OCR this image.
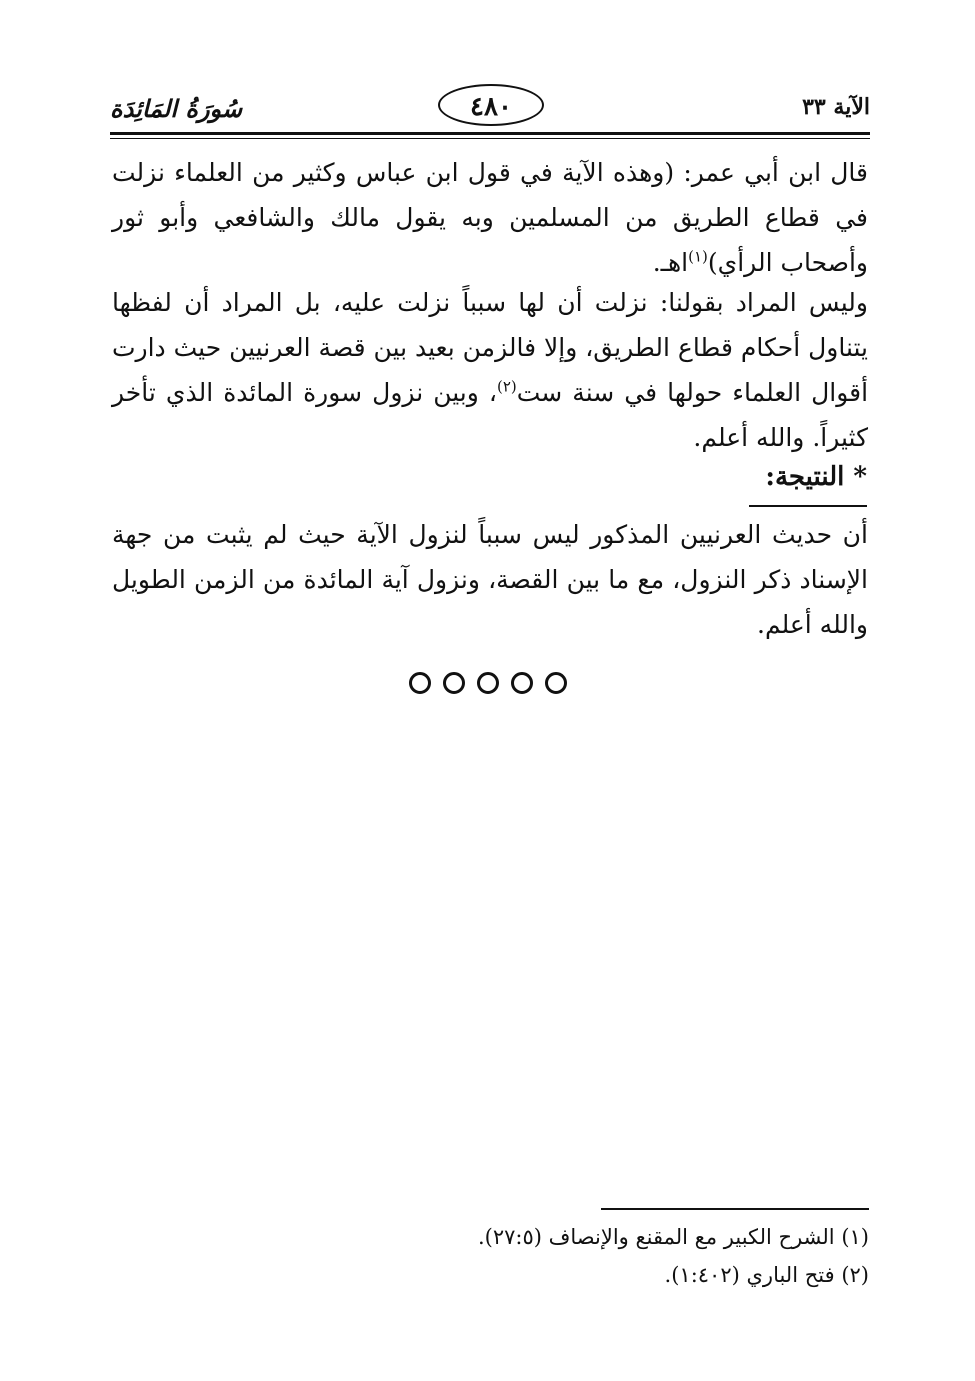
الآية ٣٣
٤٨٠
سُورَةُ المَائِدَة
قال ابن أبي عمر: (وهذه الآية في قول ابن عباس وكثير من العلماء نزلت في قطاع الطريق من المسلمين وبه يقول مالك والشافعي وأبو ثور وأصحاب الرأي)$^{(١)}$اهـ.
وليس المراد بقولنا: نزلت أن لها سبباً نزلت عليه، بل المراد أن لفظها يتناول أحكام قطاع الطريق، وإلا فالزمن بعيد بين قصة العرنيين حيث دارت أقوال العلماء حولها في سنة ست$^{(٢)}$، وبين نزول سورة المائدة الذي تأخر كثيراً. والله أعلم.
* النتيجة:
أن حديث العرنيين المذكور ليس سبباً لنزول الآية حيث لم يثبت من جهة الإسناد ذكر النزول، مع ما بين القصة، ونزول آية المائدة من الزمن الطويل والله أعلم.
(١) الشرح الكبير مع المقنع والإنصاف (٢٧:٥).
(٢) فتح الباري (١:٤٠٢).
